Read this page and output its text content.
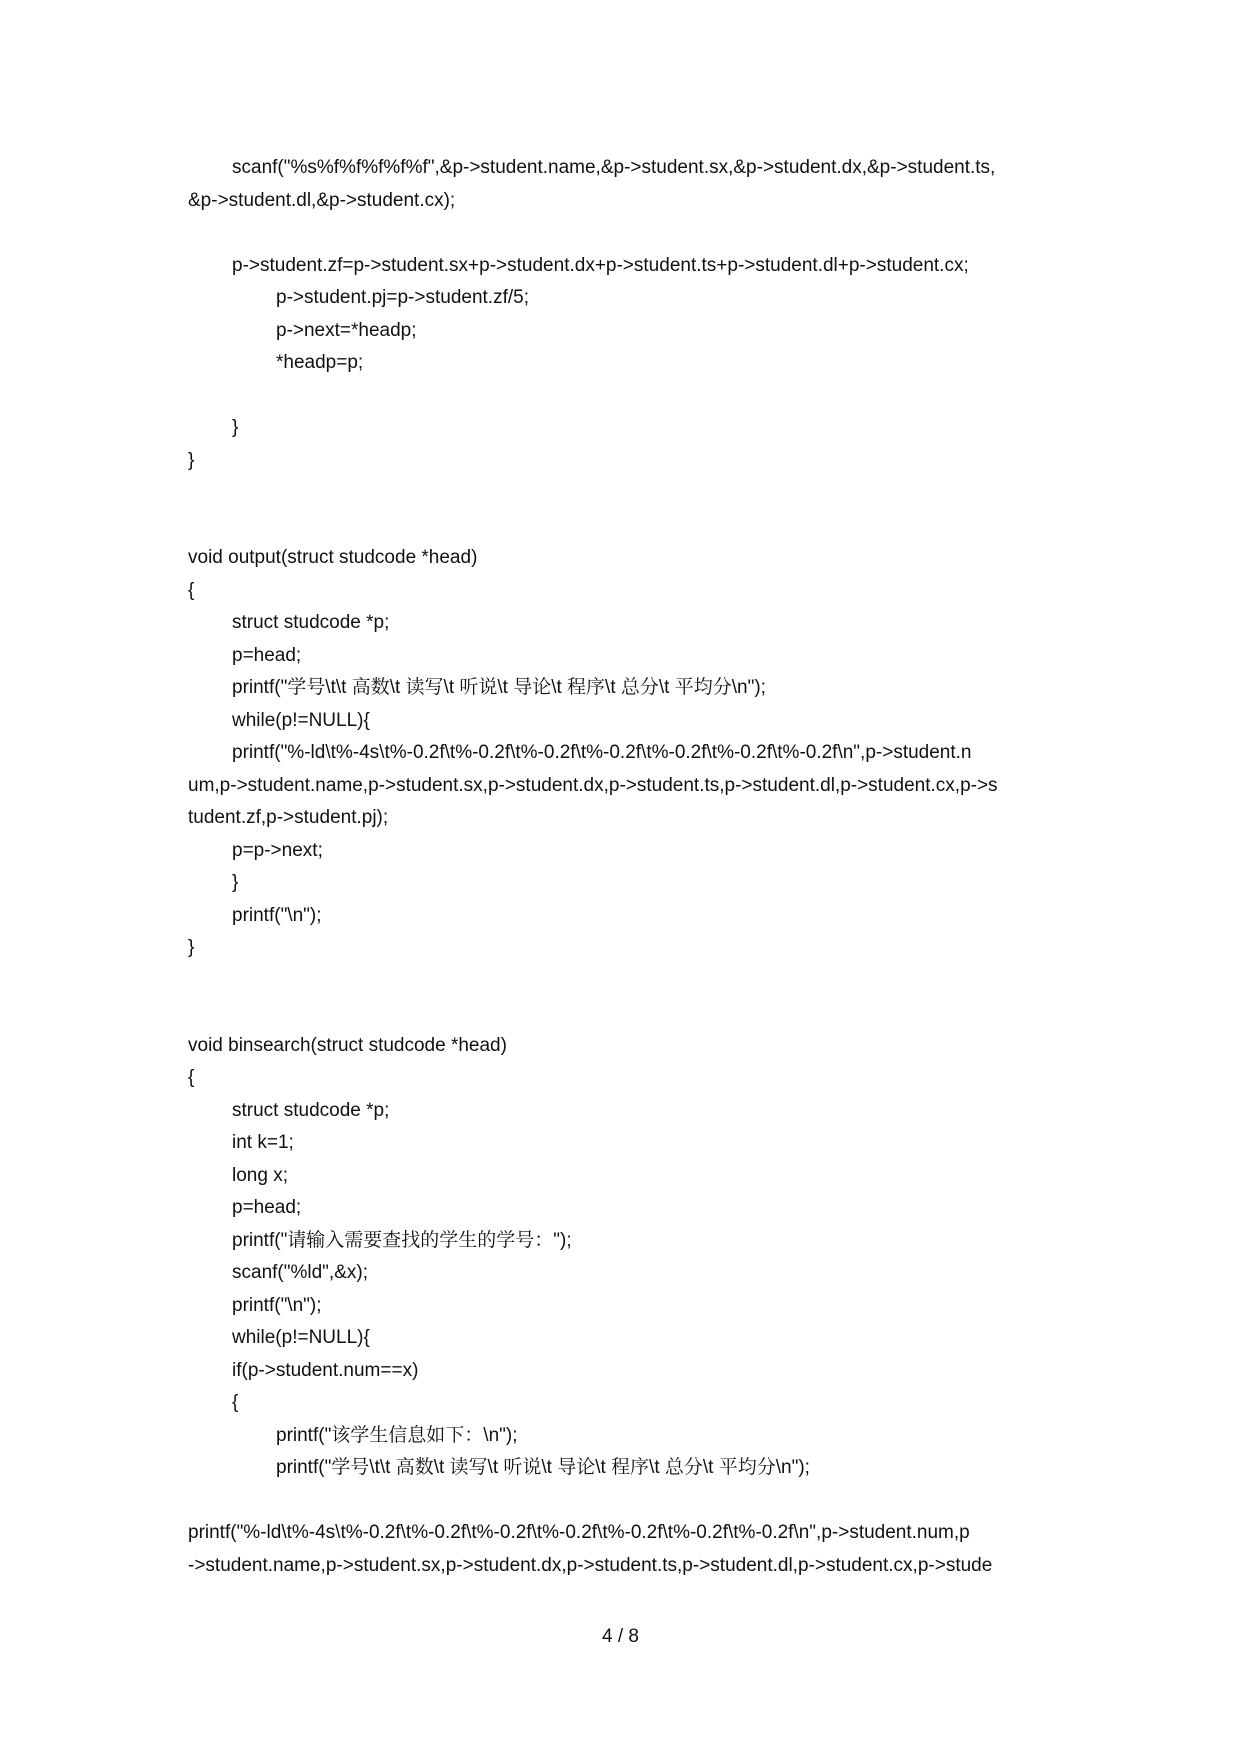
scanf("%s%f%f%f%f%f",&p->student.name,&p->student.sx,&p->student.dx,&p->student.ts,
&p->student.dl,&p->student.cx);
p->student.zf=p->student.sx+p->student.dx+p->student.ts+p->student.dl+p->student.cx;
p->student.pj=p->student.zf/5;
p->next=*headp;
*headp=p;
}
}
void output(struct studcode *head)
{
struct studcode *p;
p=head;
printf("学号\t\t 高数\t 读写\t 听说\t 导论\t 程序\t 总分\t 平均分\n");
while(p!=NULL){
printf("%-ld\t%-4s\t%-0.2f\t%-0.2f\t%-0.2f\t%-0.2f\t%-0.2f\t%-0.2f\t%-0.2f\n",p->student.n
um,p->student.name,p->student.sx,p->student.dx,p->student.ts,p->student.dl,p->student.cx,p->s
tudent.zf,p->student.pj);
p=p->next;
}
printf("\n");
}
void binsearch(struct studcode *head)
{
struct studcode *p;
int k=1;
long x;
p=head;
printf("请输入需要查找的学生的学号：");
scanf("%ld",&x);
printf("\n");
while(p!=NULL){
if(p->student.num==x)
{
printf("该学生信息如下：\n");
printf("学号\t\t 高数\t 读写\t 听说\t 导论\t 程序\t 总分\t 平均分\n");
printf("%-ld\t%-4s\t%-0.2f\t%-0.2f\t%-0.2f\t%-0.2f\t%-0.2f\t%-0.2f\t%-0.2f\n",p->student.num,p
->student.name,p->student.sx,p->student.dx,p->student.ts,p->student.dl,p->student.cx,p->stude
4 / 8
